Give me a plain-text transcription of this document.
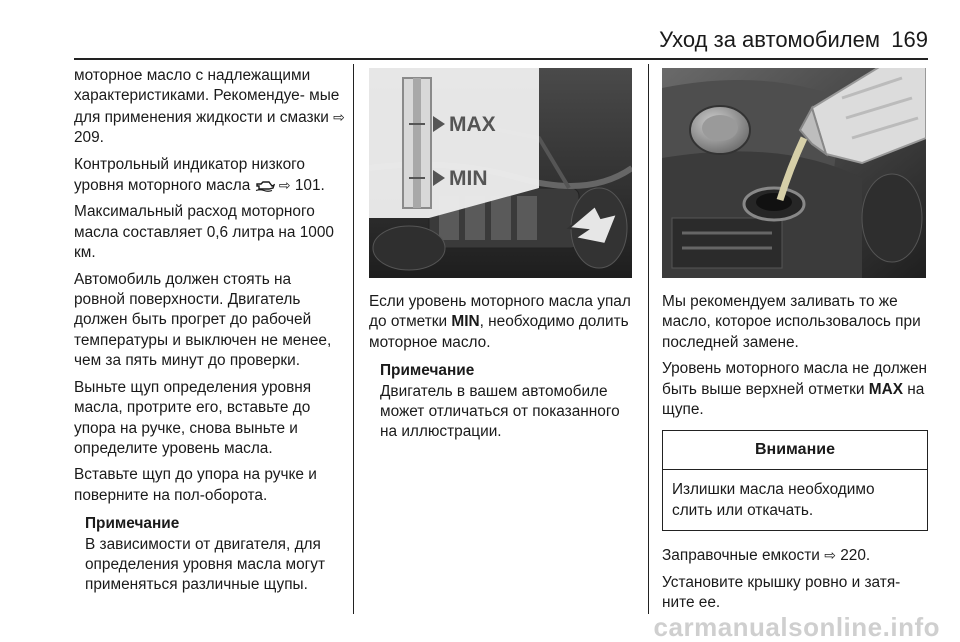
Уход за автомобилем 169

моторное масло с надлежащими характеристиками. Рекомендуе- мые для применения жидкости и смазки ⇨ 209.

Контрольный индикатор низкого уровня моторного масла ⇨ 101.

Максимальный расход моторного масла составляет 0,6 литра на 1000 км.

Автомобиль должен стоять на ровной поверхности. Двигатель должен быть прогрет до рабочей температуры и выключен не менее, чем за пять минут до проверки.

Выньте щуп определения уровня масла, протрите его, вставьте до упора на ручке, снова выньте и определите уровень масла.

Вставьте щуп до упора на ручке и поверните на пол-оборота.

Примечание
В зависимости от двигателя, для определения уровня масла могут применяться различные щупы.
MAX
MIN

Если уровень моторного масла упал до отметки MIN, необходимо долить моторное масло.

Примечание
Двигатель в вашем автомобиле может отличаться от показанного на иллюстрации.

Мы рекомендуем заливать то же масло, которое использовалось при последней замене.

Уровень моторного масла не должен быть выше верхней отметки MAX на щупе.

Внимание
Излишки масла необходимо слить или откачать.

Заправочные емкости ⇨ 220.

Установите крышку ровно и затя- ните ее.

carmanualsonline.info
